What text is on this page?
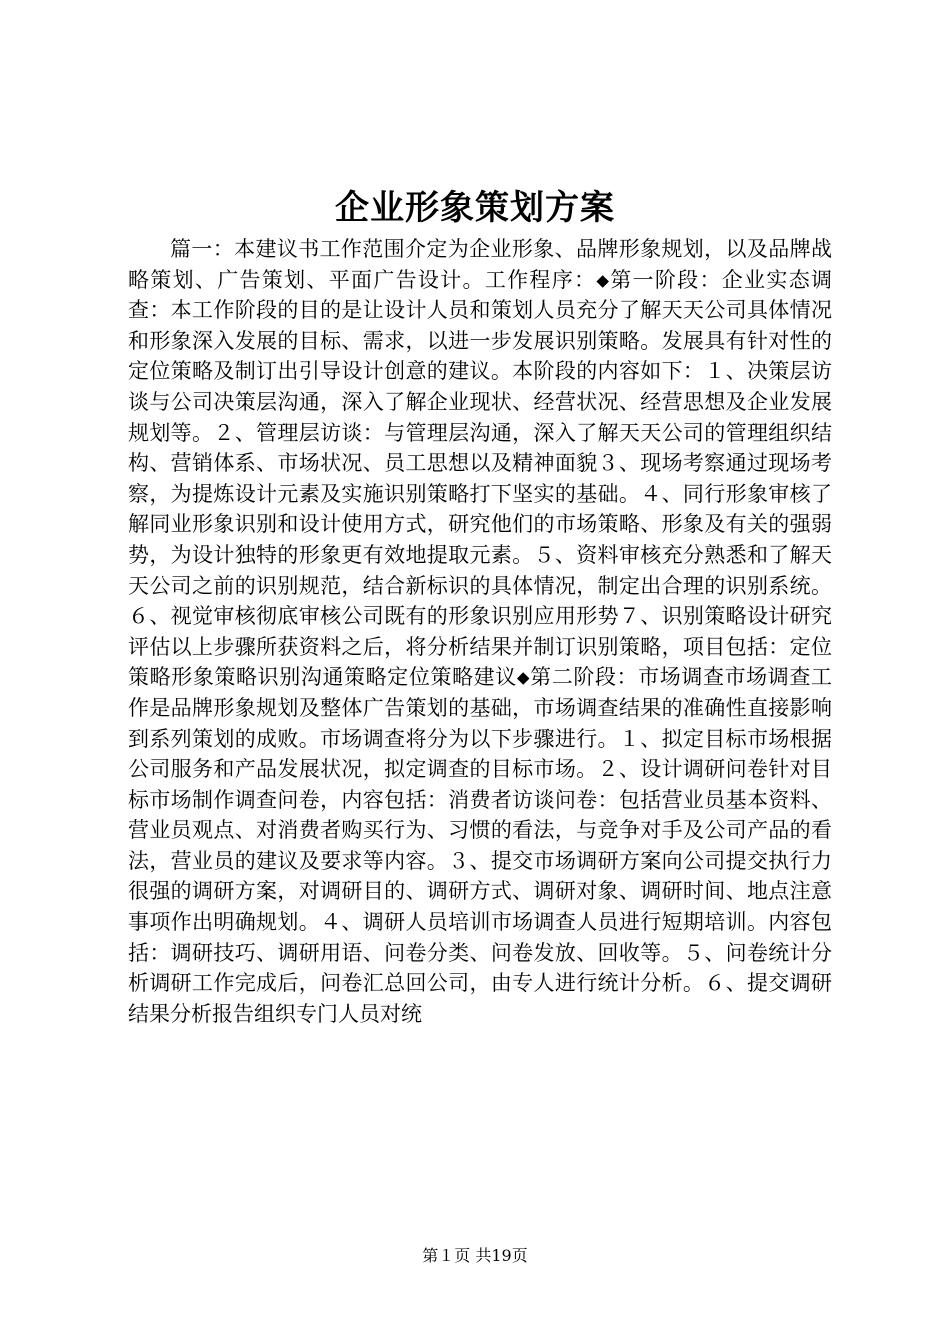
企业形象策划方案

篇一：本建议书工作范围介定为企业形象、品牌形象规划，以及品牌战略策划、广告策划、平面广告设计。工作程序：◆第一阶段：企业实态调查：本工作阶段的目的是让设计人员和策划人员充分了解天天公司具体情况和形象深入发展的目标、需求，以进一步发展识别策略。发展具有针对性的定位策略及制订出引导设计创意的建议。本阶段的内容如下：１、决策层访谈与公司决策层沟通，深入了解企业现状、经营状况、经营思想及企业发展规划等。２、管理层访谈：与管理层沟通，深入了解天天公司的管理组织结构、营销体系、市场状况、员工思想以及精神面貌３、现场考察通过现场考察，为提炼设计元素及实施识别策略打下坚实的基础。４、同行形象审核了解同业形象识别和设计使用方式，研究他们的市场策略、形象及有关的强弱势，为设计独特的形象更有效地提取元素。５、资料审核充分熟悉和了解天天公司之前的识别规范，结合新标识的具体情况，制定出合理的识别系统。６、视觉审核彻底审核公司既有的形象识别应用形势７、识别策略设计研究评估以上步骤所获资料之后，将分析结果并制订识别策略，项目包括：定位策略形象策略识别沟通策略定位策略建议◆第二阶段：市场调查市场调查工作是品牌形象规划及整体广告策划的基础，市场调查结果的准确性直接影响到系列策划的成败。市场调查将分为以下步骤进行。１、拟定目标市场根据公司服务和产品发展状况，拟定调查的目标市场。２、设计调研问卷针对目标市场制作调查问卷，内容包括：消费者访谈问卷：包括营业员基本资料、营业员观点、对消费者购买行为、习惯的看法，与竞争对手及公司产品的看法，营业员的建议及要求等内容。３、提交市场调研方案向公司提交执行力很强的调研方案，对调研目的、调研方式、调研对象、调研时间、地点注意事项作出明确规划。４、调研人员培训市场调查人员进行短期培训。内容包括：调研技巧、调研用语、问卷分类、问卷发放、回收等。５、问卷统计分析调研工作完成后，问卷汇总回公司，由专人进行统计分析。６、提交调研结果分析报告组织专门人员对统

第１页 共19页
